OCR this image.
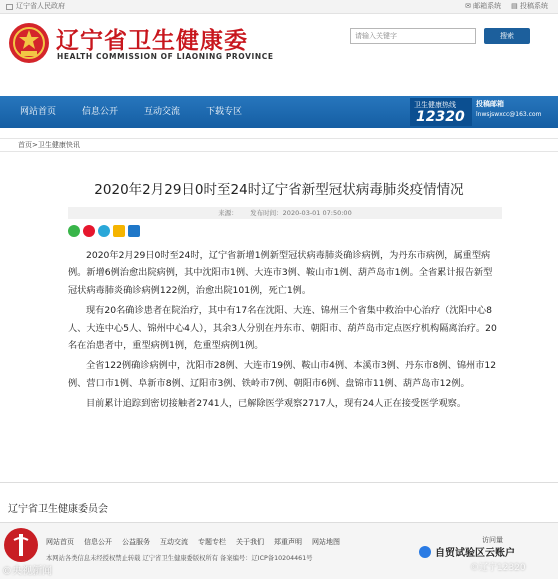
辽宁省人民政府	✉ 邮箱系统 ▤ 投稿系统
辽宁省卫生健康委
HEALTH COMMISSION OF LIAONING PROVINCE
请输入关键字	搜索
网站首页	信息公开	互动交流	下载专区
卫生健康热线
12320
投稿邮箱
lnwsjswxcc@163.com
首页>卫生健康快讯
2020年2月29日0时至24时辽宁省新型冠状病毒肺炎疫情情况
来源： 发布时间：2020-03-01 07:50:00

2020年2月29日0时至24时，辽宁省新增1例新型冠状病毒肺炎确诊病例，为丹东市病例，属重型病例。新增6例治愈出院病例，其中沈阳市1例、大连市3例、鞍山市1例、葫芦岛市1例。全省累计报告新型冠状病毒肺炎确诊病例122例，治愈出院101例，死亡1例。

现有20名确诊患者在院治疗，其中有17名在沈阳、大连、锦州三个省集中救治中心治疗（沈阳中心8人、大连中心5人、锦州中心4人），其余3人分别在丹东市、朝阳市、葫芦岛市定点医疗机构隔离治疗。20名在治患者中，重型病例1例，危重型病例1例。

全省122例确诊病例中，沈阳市28例、大连市19例、鞍山市4例、本溪市3例、丹东市8例、锦州市12例、营口市1例、阜新市8例、辽阳市3例、铁岭市7例、朝阳市6例、盘锦市11例、葫芦岛市12例。

目前累计追踪到密切接触者2741人，已解除医学观察2717人，现有24人正在接受医学观察。

辽宁省卫生健康委员会
网站首页 信息公开 公益服务 互动交流 专题专栏 关于我们 郑重声明 网站地图
本网站各类信息未经授权禁止转载 辽宁省卫生健康委版权所有 备案编号：辽ICP备10204461号
访问量
©央视新闻
自贸试验区云账户
©辽宁12320
